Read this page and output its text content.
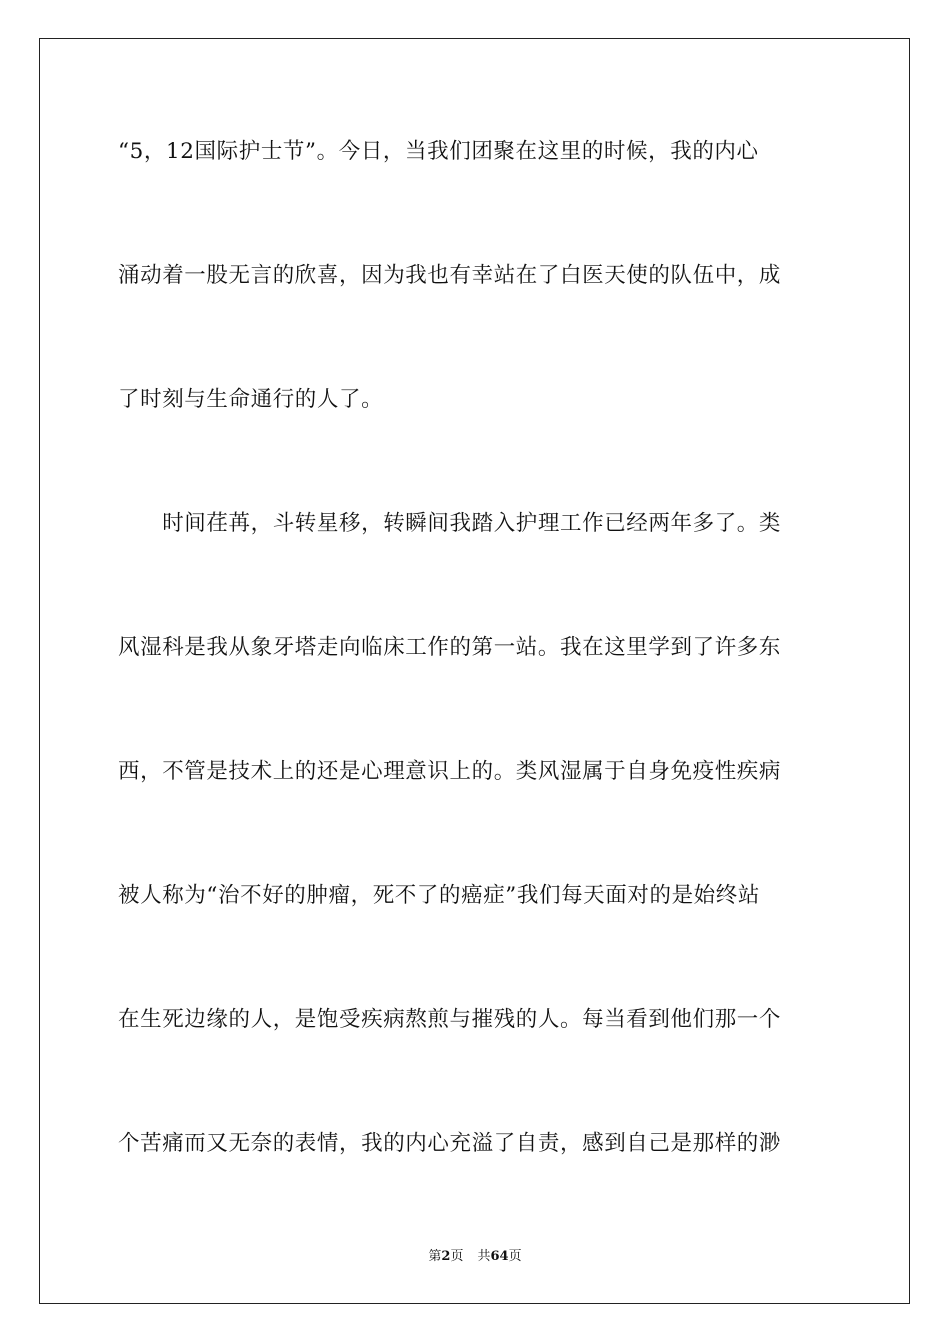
“5，12国际护士节”。今日，当我们团聚在这里的时候，我的内心
涌动着一股无言的欣喜，因为我也有幸站在了白医天使的队伍中，成
了时刻与生命通行的人了。
　　时间荏苒，斗转星移，转瞬间我踏入护理工作已经两年多了。类
风湿科是我从象牙塔走向临床工作的第一站。我在这里学到了许多东
西，不管是技术上的还是心理意识上的。类风湿属于自身免疫性疾病
被人称为“治不好的肿瘤，死不了的癌症”我们每天面对的是始终站
在生死边缘的人，是饱受疾病熬煎与摧残的人。每当看到他们那一个
个苦痛而又无奈的表情，我的内心充溢了自责，感到自己是那样的渺
第2页 共64页
